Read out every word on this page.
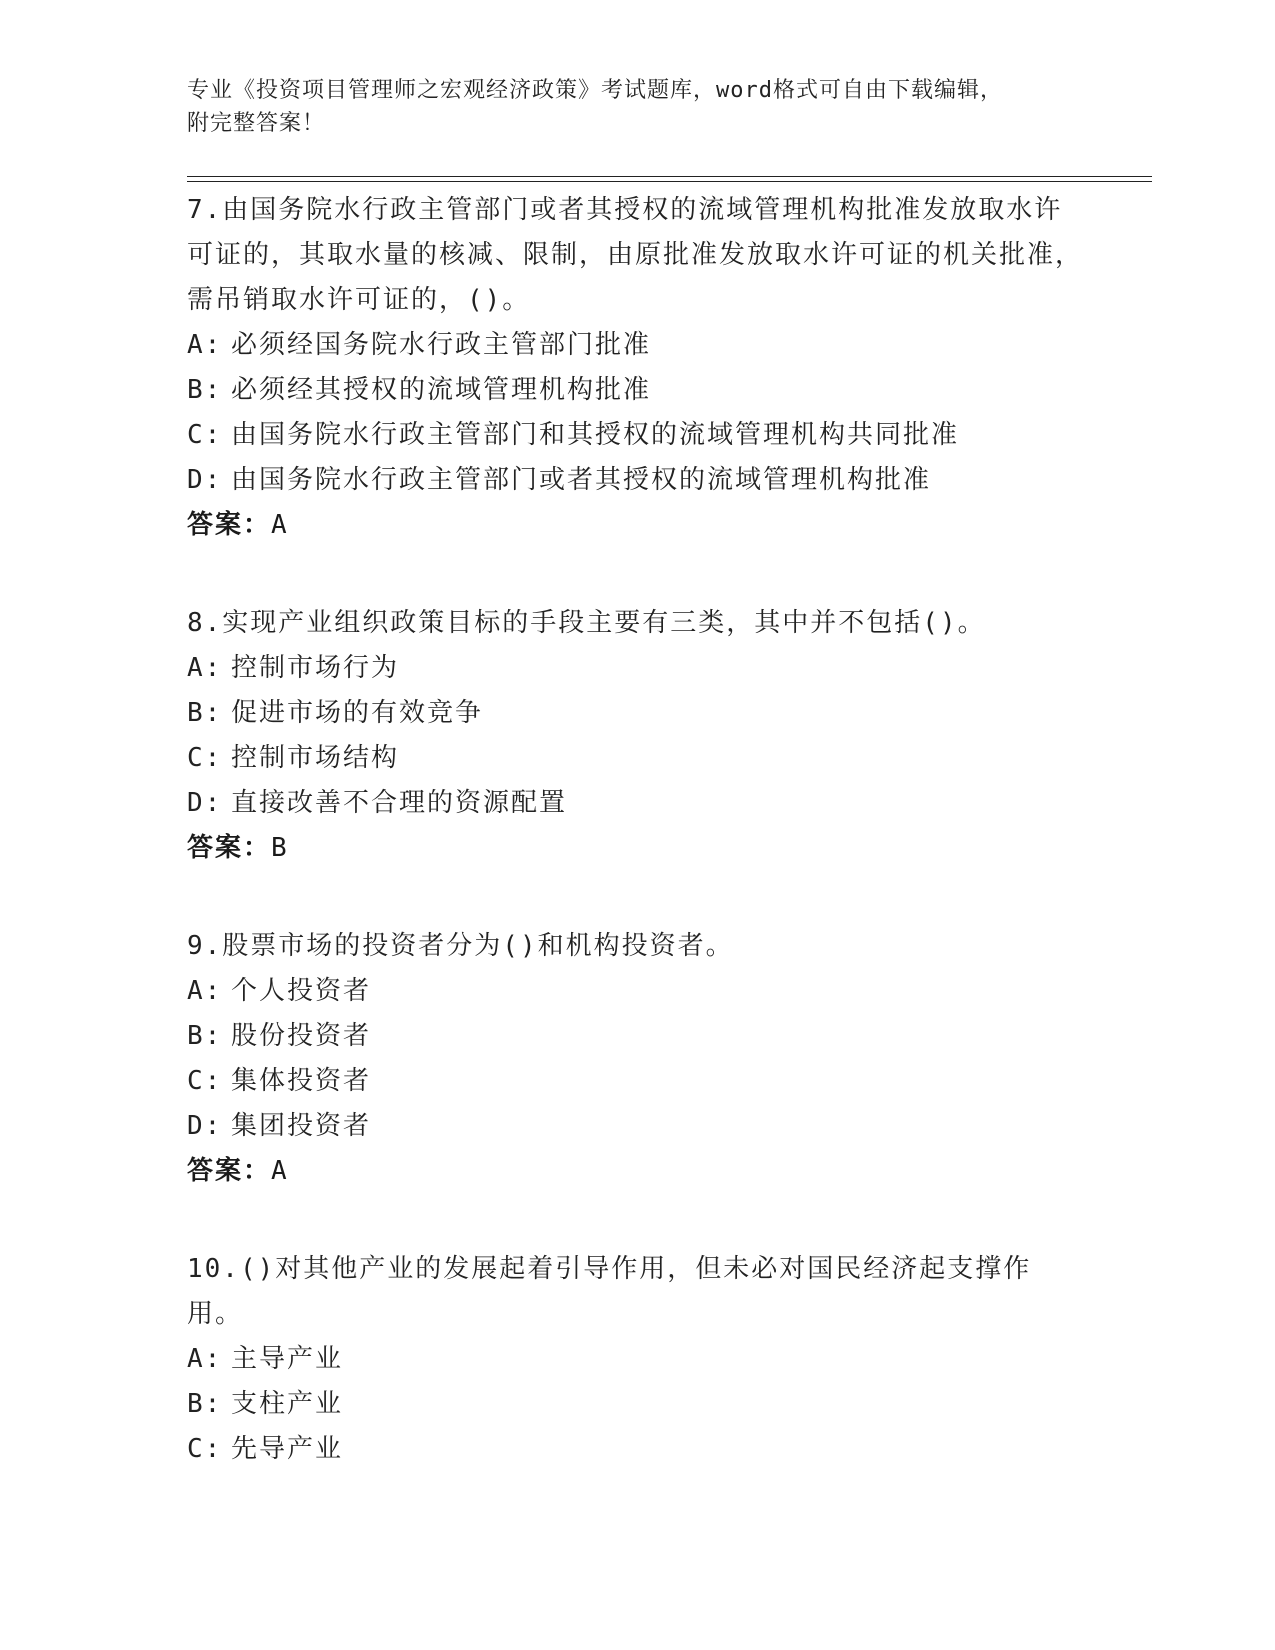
专业《投资项目管理师之宏观经济政策》考试题库，word格式可自由下载编辑，
附完整答案！

7.由国务院水行政主管部门或者其授权的流域管理机构批准发放取水许可证的，其取水量的核减、限制，由原批准发放取水许可证的机关批准，需吊销取水许可证的，()。

A: 必须经国务院水行政主管部门批准

B: 必须经其授权的流域管理机构批准

C: 由国务院水行政主管部门和其授权的流域管理机构共同批准

D: 由国务院水行政主管部门或者其授权的流域管理机构批准

答案：A

8.实现产业组织政策目标的手段主要有三类，其中并不包括()。

A: 控制市场行为

B: 促进市场的有效竞争

C: 控制市场结构

D: 直接改善不合理的资源配置

答案：B

9.股票市场的投资者分为()和机构投资者。

A: 个人投资者

B: 股份投资者

C: 集体投资者

D: 集团投资者

答案：A

10.()对其他产业的发展起着引导作用，但未必对国民经济起支撑作用。

A: 主导产业

B: 支柱产业

C: 先导产业
